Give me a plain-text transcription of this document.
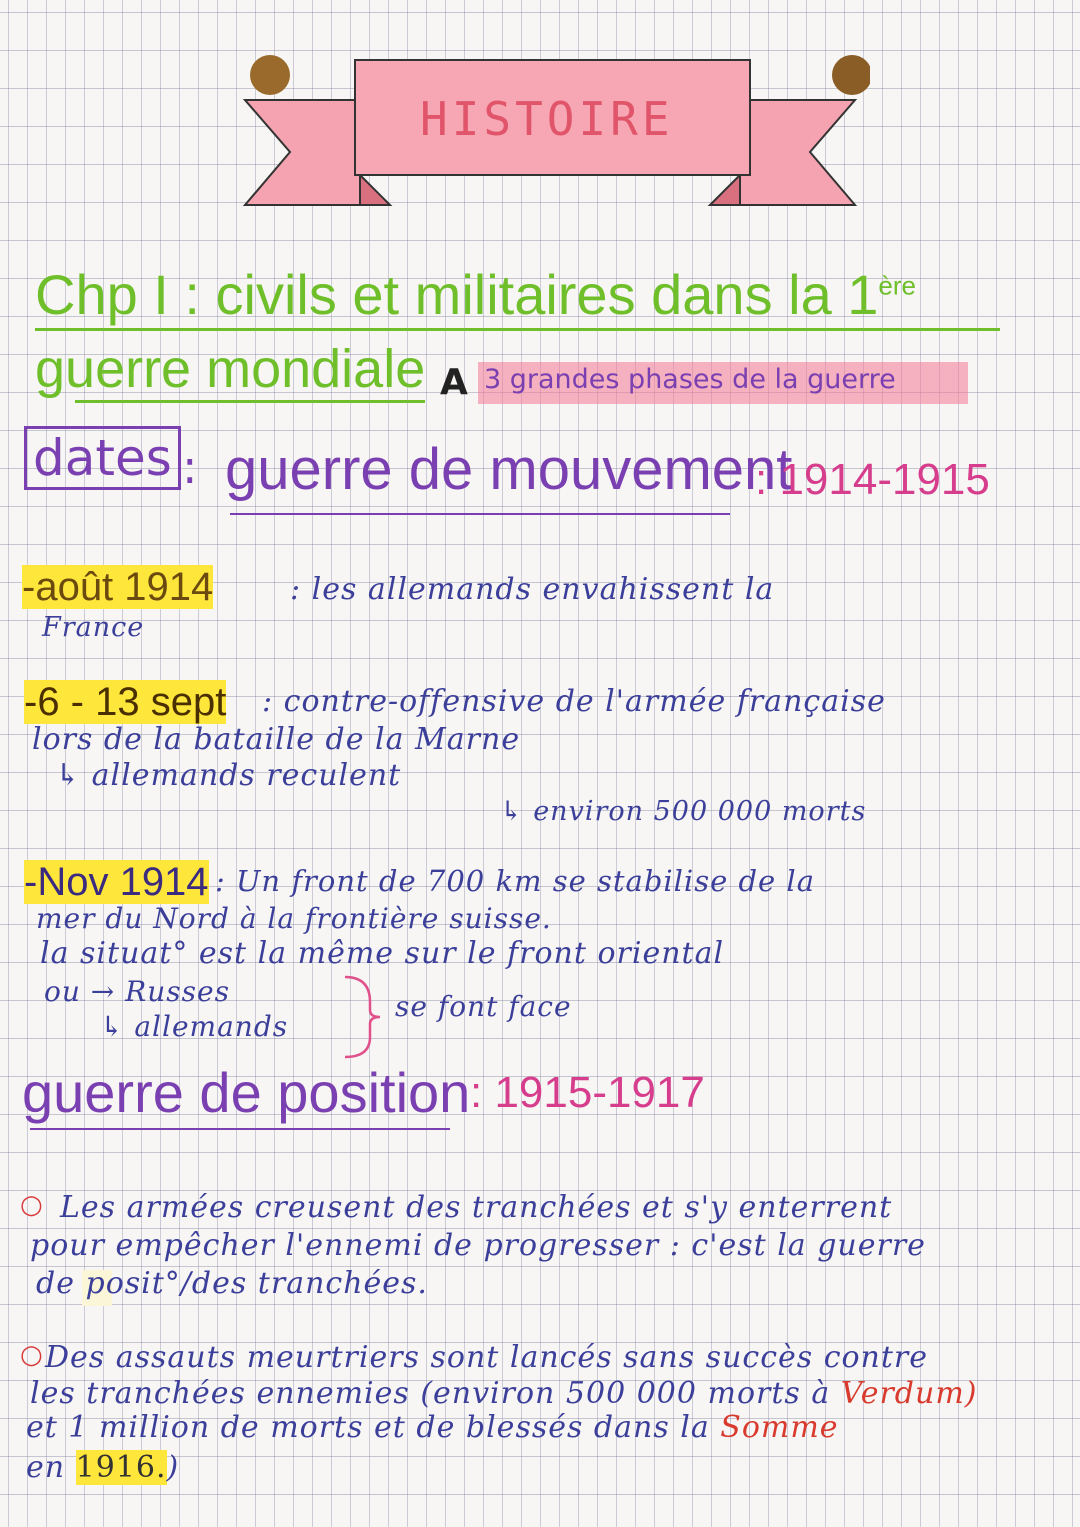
HISTOIRE
Chp I : civils et militaires dans la 1ère
guerre mondiale A 3 grandes phases de la guerre
dates : guerre de mouvement
: 1914-1915
-août 1914	: les allemands envahissent la
France
-6 - 13 sept : contre-offensive de l'armée française
lors de la bataille de la Marne
↳ allemands reculent
↳ environ 500 000 morts
-Nov 1914 : Un front de 700 km se stabilise de la
mer du Nord à la frontière suisse.
la situat° est la même sur le front oriental
ou → Russes
↳ allemands
se font face
guerre de position : 1915-1917
○ Les armées creusent des tranchées et s'y enterrent
pour empêcher l'ennemi de progresser : c'est la guerre
de posit°/des tranchées.
○ Des assauts meurtriers sont lancés sans succès contre
les tranchées ennemies (environ 500 000 morts à Verdum)
et 1 million de morts et de blessés dans la Somme
en 1916.)
